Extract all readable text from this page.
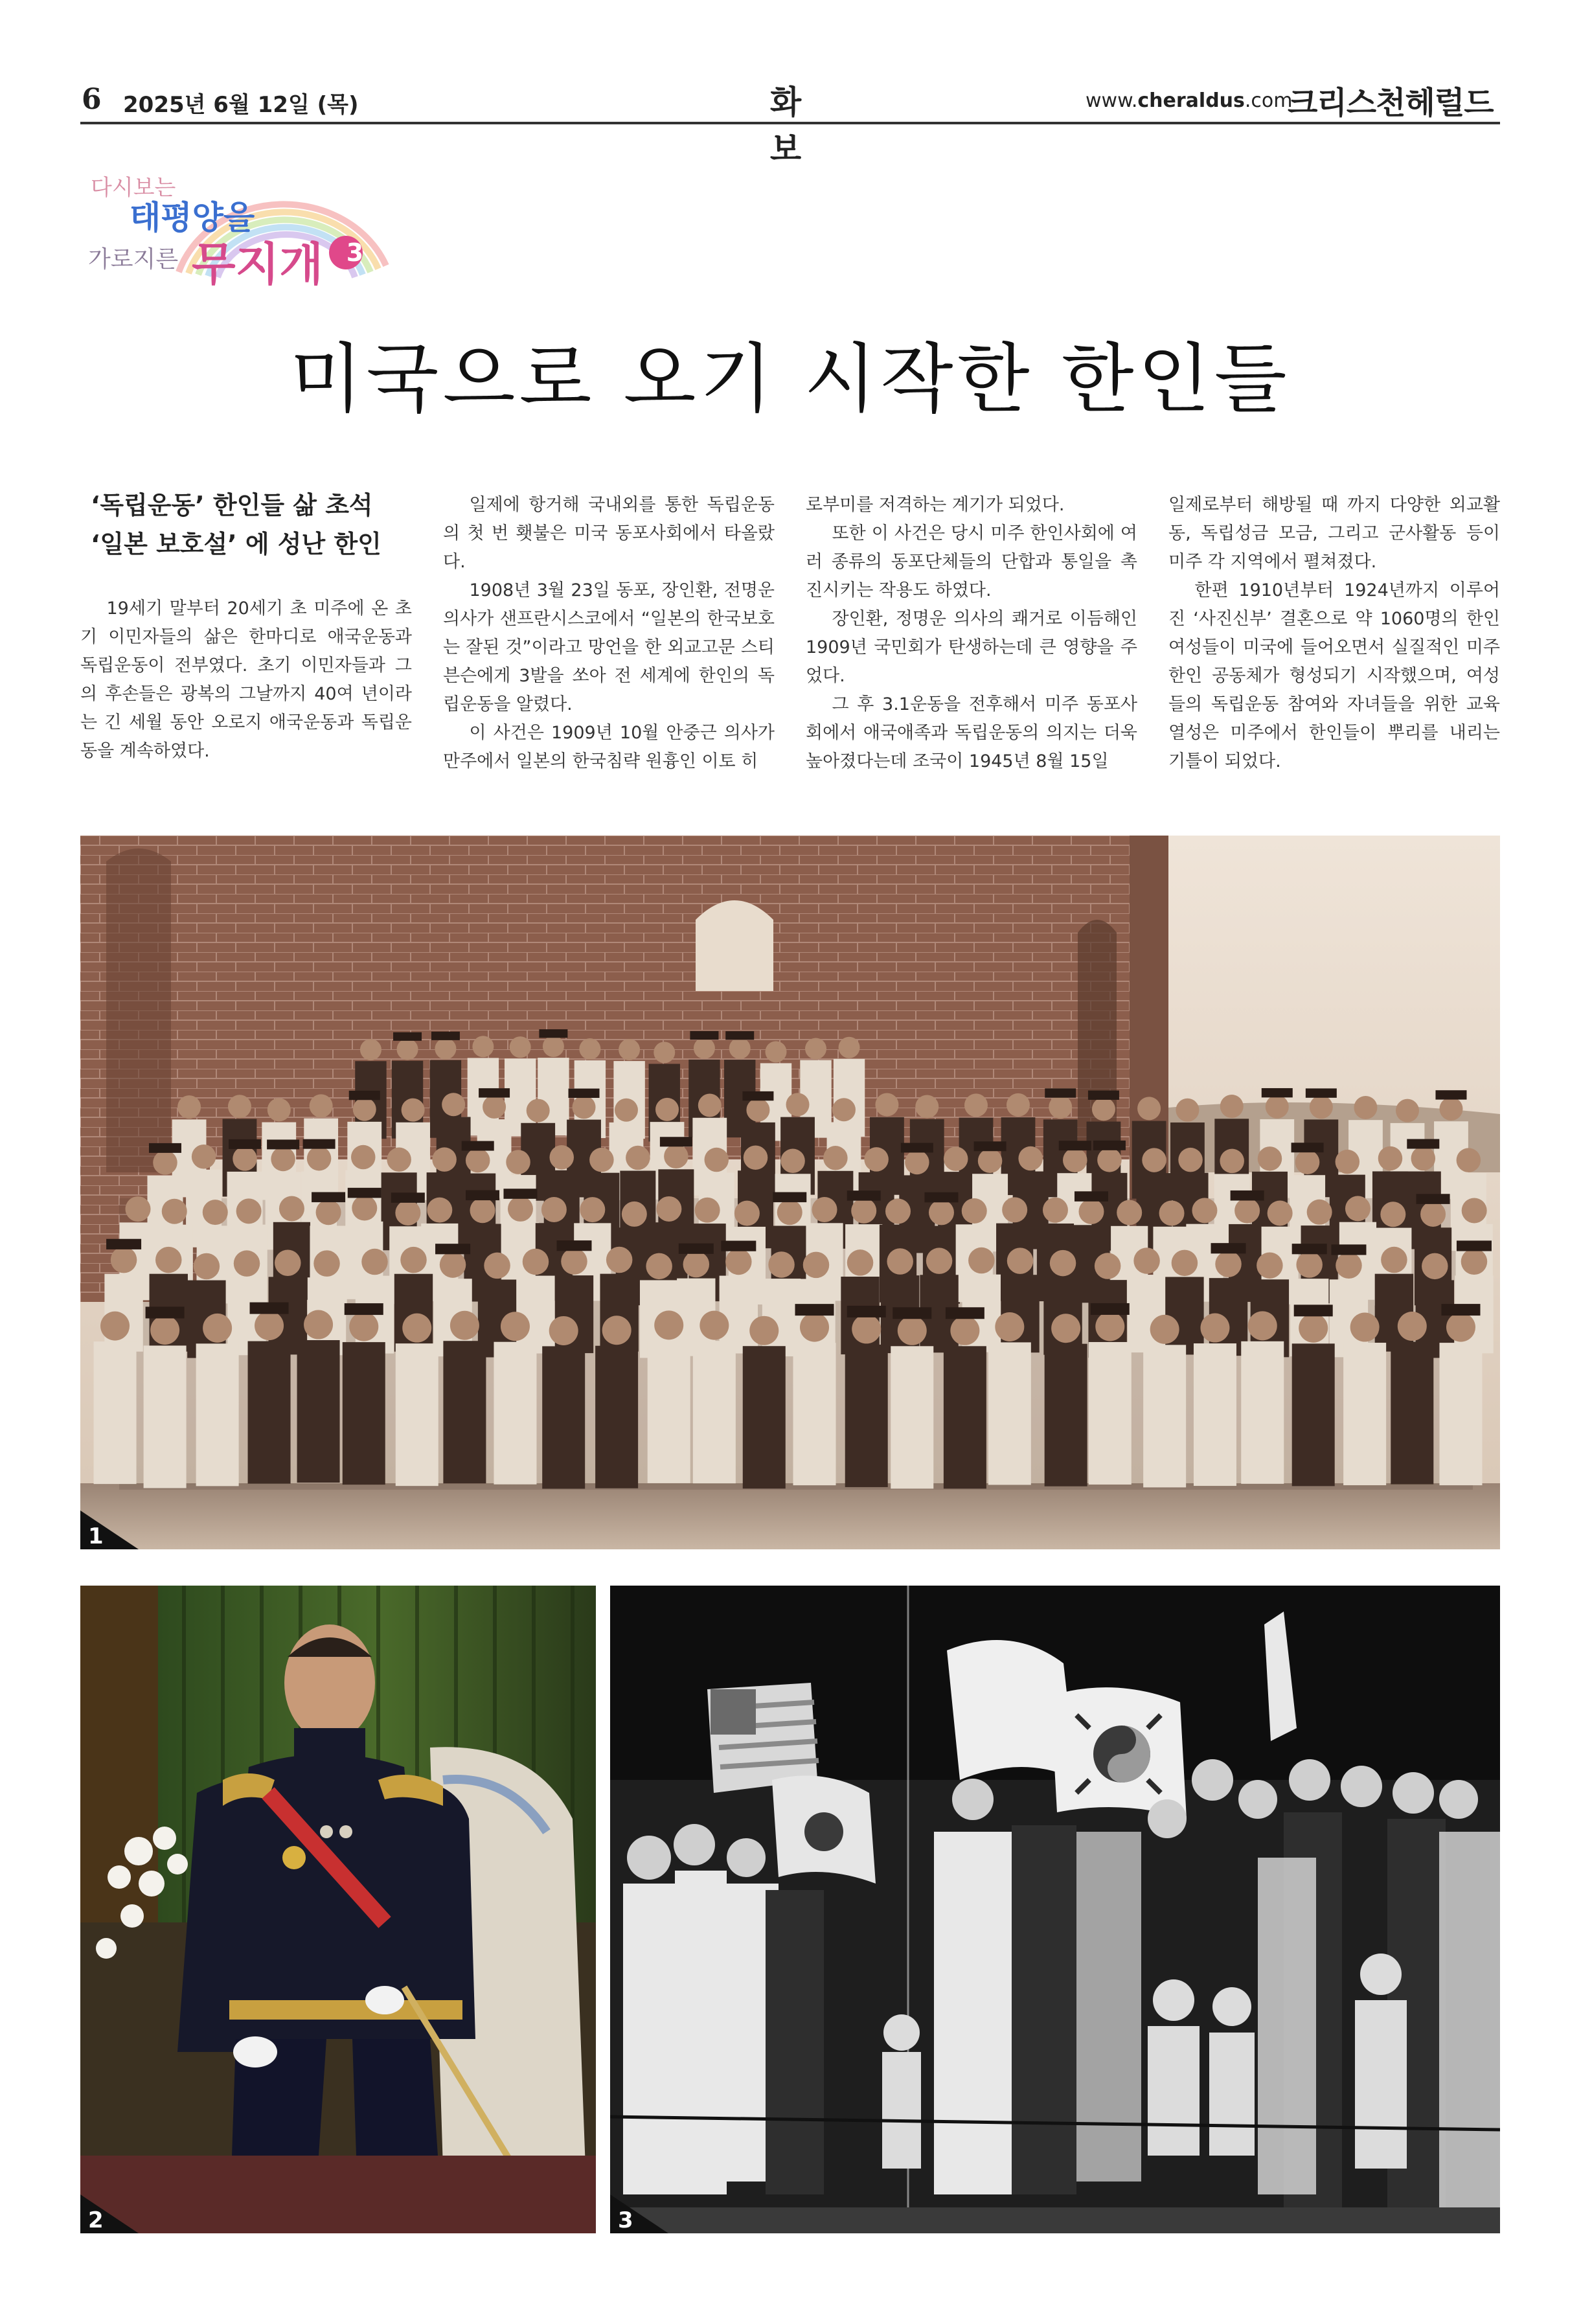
6 2025년 6월 12일 (목)	화 보
www.cheraldus.com
크리스천헤럴드
다시보는
태평양을
가로지른 무지개 3
미국으로 오기 시작한 한인들
‘독립운동’ 한인들 삶 초석
‘일본 보호설’ 에 성난 한인

19세기 말부터 20세기 초 미주에 온 초기 이민자들의 삶은 한마디로 애국운동과 독립운동이 전부였다. 초기 이민자들과 그의 후손들은 광복의 그날까지 40여 년이라는 긴 세월 동안 오로지 애국운동과 독립운동을 계속하였다.

일제에 항거해 국내외를 통한 독립운동의 첫 번 횃불은 미국 동포사회에서 타올랐다.

1908년 3월 23일 동포, 장인환, 전명운 의사가 샌프란시스코에서 “일본의 한국보호는 잘된 것”이라고 망언을 한 외교고문 스티븐슨에게 3발을 쏘아 전 세계에 한인의 독립운동을 알렸다.

이 사건은 1909년 10월 안중근 의사가 만주에서 일본의 한국침략 원흉인 이토 히

로부미를 저격하는 계기가 되었다.

또한 이 사건은 당시 미주 한인사회에 여러 종류의 동포단체들의 단합과 통일을 촉진시키는 작용도 하였다.

장인환, 정명운 의사의 쾌거로 이듬해인 1909년 국민회가 탄생하는데 큰 영향을 주었다.

그 후 3.1운동을 전후해서 미주 동포사회에서 애국애족과 독립운동의 의지는 더욱 높아졌다는데 조국이 1945년 8월 15일

일제로부터 해방될 때 까지 다양한 외교활동, 독립성금 모금, 그리고 군사활동 등이 미주 각 지역에서 펼쳐졌다.

한편 1910년부터 1924년까지 이루어진 ‘사진신부’ 결혼으로 약 1060명의 한인 여성들이 미국에 들어오면서 실질적인 미주 한인 공동체가 형성되기 시작했으며, 여성들의 독립운동 참여와 자녀들을 위한 교육 열성은 미주에서 한인들이 뿌리를 내리는 기틀이 되었다.

1
2	3
